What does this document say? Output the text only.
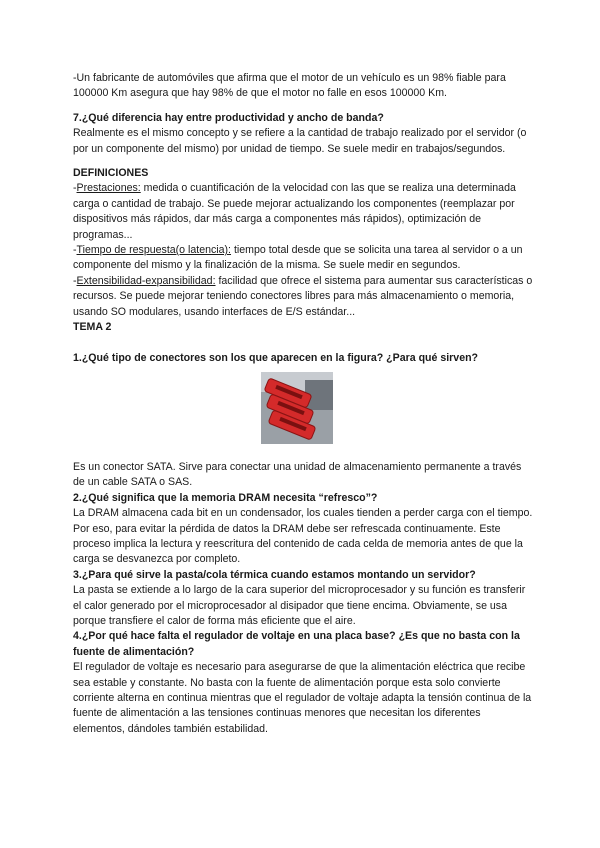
-Un fabricante de automóviles que afirma que el motor de un vehículo es un 98% fiable para 100000 Km asegura que hay 98% de que el motor no falle en esos 100000 Km.

7.¿Qué diferencia hay entre productividad y ancho de banda?

Realmente es el mismo concepto y se refiere a la cantidad de trabajo realizado por el servidor (o por un componente del mismo) por unidad de tiempo. Se suele medir en trabajos/segundos.

DEFINICIONES

-Prestaciones: medida o cuantificación de la velocidad con las que se realiza una determinada carga o cantidad de trabajo. Se puede mejorar actualizando los componentes (reemplazar por dispositivos más rápidos, dar más carga a componentes más rápidos), optimización de programas...

-Tiempo de respuesta(o latencia): tiempo total desde que se solicita una tarea al servidor o a un componente del mismo y la finalización de la misma. Se suele medir en segundos.

-Extensibilidad-expansibilidad: facilidad que ofrece el sistema para aumentar sus características o recursos. Se puede mejorar teniendo conectores libres para más almacenamiento o memoria, usando SO modulares, usando interfaces de E/S estándar...

TEMA 2

1.¿Qué tipo de conectores son los que aparecen en la figura? ¿Para qué sirven?

Es un conector SATA. Sirve para conectar una unidad de almacenamiento permanente a través de un cable SATA o SAS.

2.¿Qué significa que la memoria DRAM necesita “refresco”?

La DRAM almacena cada bit en un condensador, los cuales tienden a perder carga con el tiempo. Por eso, para evitar la pérdida de datos la DRAM debe ser refrescada continuamente. Este proceso implica la lectura y reescritura del contenido de cada celda de memoria antes de que la carga se desvanezca por completo.

3.¿Para qué sirve la pasta/cola térmica cuando estamos montando un servidor?

La pasta se extiende a lo largo de la cara superior del microprocesador y su función es transferir el calor generado por el microprocesador al disipador que tiene encima. Obviamente, se usa porque transfiere el calor de forma más eficiente que el aire.

4.¿Por qué hace falta el regulador de voltaje en una placa base? ¿Es que no basta con la fuente de alimentación?

El regulador de voltaje es necesario para asegurarse de que la alimentación eléctrica que recibe sea estable y constante. No basta con la fuente de alimentación porque esta solo convierte corriente alterna en continua mientras que el regulador de voltaje adapta la tensión continua de la fuente de alimentación a las tensiones continuas menores que necesitan los diferentes elementos, dándoles también estabilidad.
